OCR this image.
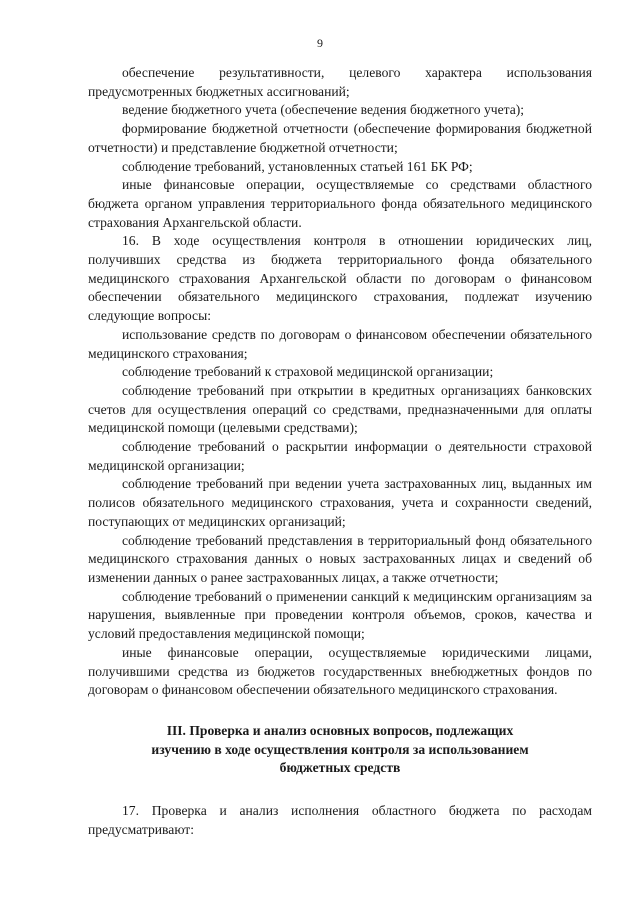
9

обеспечение результативности, целевого характера использования предусмотренных бюджетных ассигнований;

ведение бюджетного учета (обеспечение ведения бюджетного учета);

формирование бюджетной отчетности (обеспечение формирования бюджетной отчетности) и представление бюджетной отчетности;

соблюдение требований, установленных статьей 161 БК РФ;

иные финансовые операции, осуществляемые со средствами областного бюджета органом управления территориального фонда обязательного медицинского страхования Архангельской области.

16. В ходе осуществления контроля в отношении юридических лиц, получивших средства из бюджета территориального фонда обязательного медицинского страхования Архангельской области по договорам о финансовом обеспечении обязательного медицинского страхования, подлежат изучению следующие вопросы:

использование средств по договорам о финансовом обеспечении обязательного медицинского страхования;

соблюдение требований к страховой медицинской организации;

соблюдение требований при открытии в кредитных организациях банковских счетов для осуществления операций со средствами, предназначенными для оплаты медицинской помощи (целевыми средствами);

соблюдение требований о раскрытии информации о деятельности страховой медицинской организации;

соблюдение требований при ведении учета застрахованных лиц, выданных им полисов обязательного медицинского страхования, учета и сохранности сведений, поступающих от медицинских организаций;

соблюдение требований представления в территориальный фонд обязательного медицинского страхования данных о новых застрахованных лицах и сведений об изменении данных о ранее застрахованных лицах, а также отчетности;

соблюдение требований о применении санкций к медицинским организациям за нарушения, выявленные при проведении контроля объемов, сроков, качества и условий предоставления медицинской помощи;

иные финансовые операции, осуществляемые юридическими лицами, получившими средства из бюджетов государственных внебюджетных фондов по договорам о финансовом обеспечении обязательного медицинского страхования.

III. Проверка и анализ основных вопросов, подлежащих
изучению в ходе осуществления контроля за использованием
бюджетных средств

17. Проверка и анализ исполнения областного бюджета по расходам предусматривают:
